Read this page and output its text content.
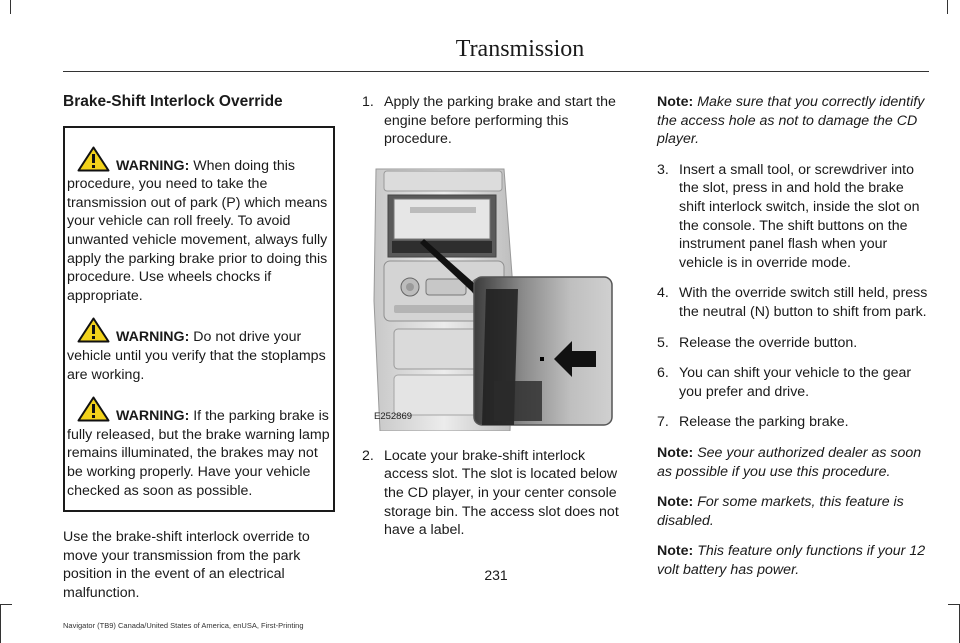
Transmission
Brake-Shift Interlock Override
WARNING: When doing this procedure, you need to take the transmission out of park (P) which means your vehicle can roll freely. To avoid unwanted vehicle movement, always fully apply the parking brake prior to doing this procedure. Use wheels chocks if appropriate.
WARNING: Do not drive your vehicle until you verify that the stoplamps are working.
WARNING: If the parking brake is fully released, but the brake warning lamp remains illuminated, the brakes may not be working properly. Have your vehicle checked as soon as possible.
Use the brake-shift interlock override to move your transmission from the park position in the event of an electrical malfunction.
1. Apply the parking brake and start the engine before performing this procedure.
E252869
2. Locate your brake-shift interlock access slot. The slot is located below the CD player, in your center console storage bin. The access slot does not have a label.
Note: Make sure that you correctly identify the access hole as not to damage the CD player.
3. Insert a small tool, or screwdriver into the slot, press in and hold the brake shift interlock switch, inside the slot on the console. The shift buttons on the instrument panel flash when your vehicle is in override mode.
4. With the override switch still held, press the neutral (N) button to shift from park.
5. Release the override button.
6. You can shift your vehicle to the gear you prefer and drive.
7. Release the parking brake.
Note: See your authorized dealer as soon as possible if you use this procedure.
Note: For some markets, this feature is disabled.
Note: This feature only functions if your 12 volt battery has power.
231
Navigator (TB9) Canada/United States of America, enUSA, First-Printing
